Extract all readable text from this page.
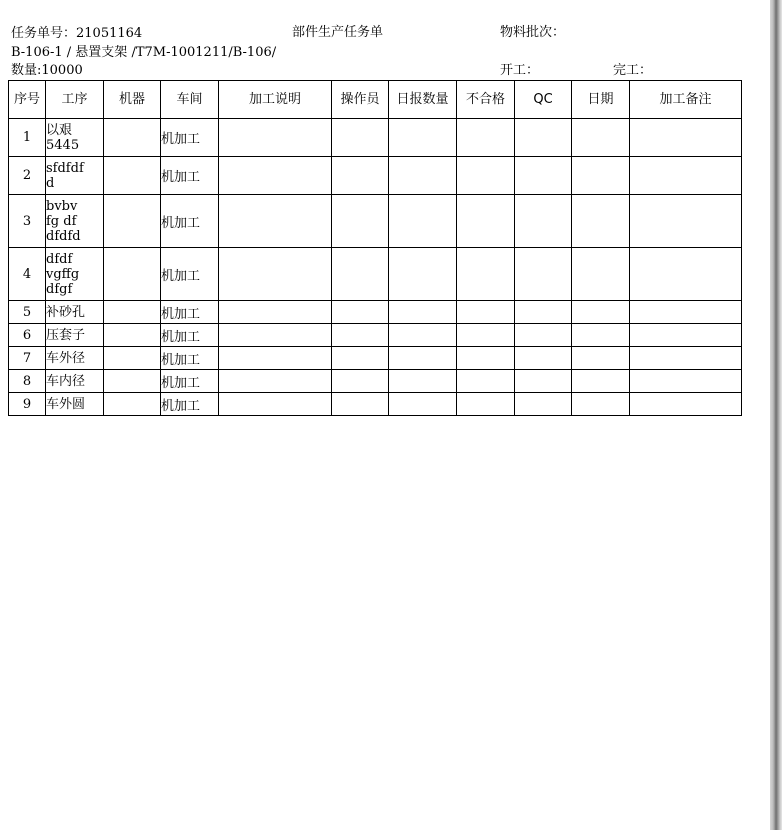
任务单号：21051164	部件生产任务单	物料批次：
B-106-1 / 悬置支架 /T7M-1001211/B-106/
数量:10000	开工：	完工：
序号	工序	机器	车间	加工说明	操作员	日报数量	不合格	QC	日期	加工备注
1	以艰
5445		机加工							
2	sfdfdf
d		机加工							
3	bvbv
fg df
dfdfd		机加工							
4	dfdf
vgffg
dfgf		机加工							
5	补砂孔		机加工							
6	压套子		机加工							
7	车外径		机加工							
8	车内径		机加工							
9	车外圆		机加工							
